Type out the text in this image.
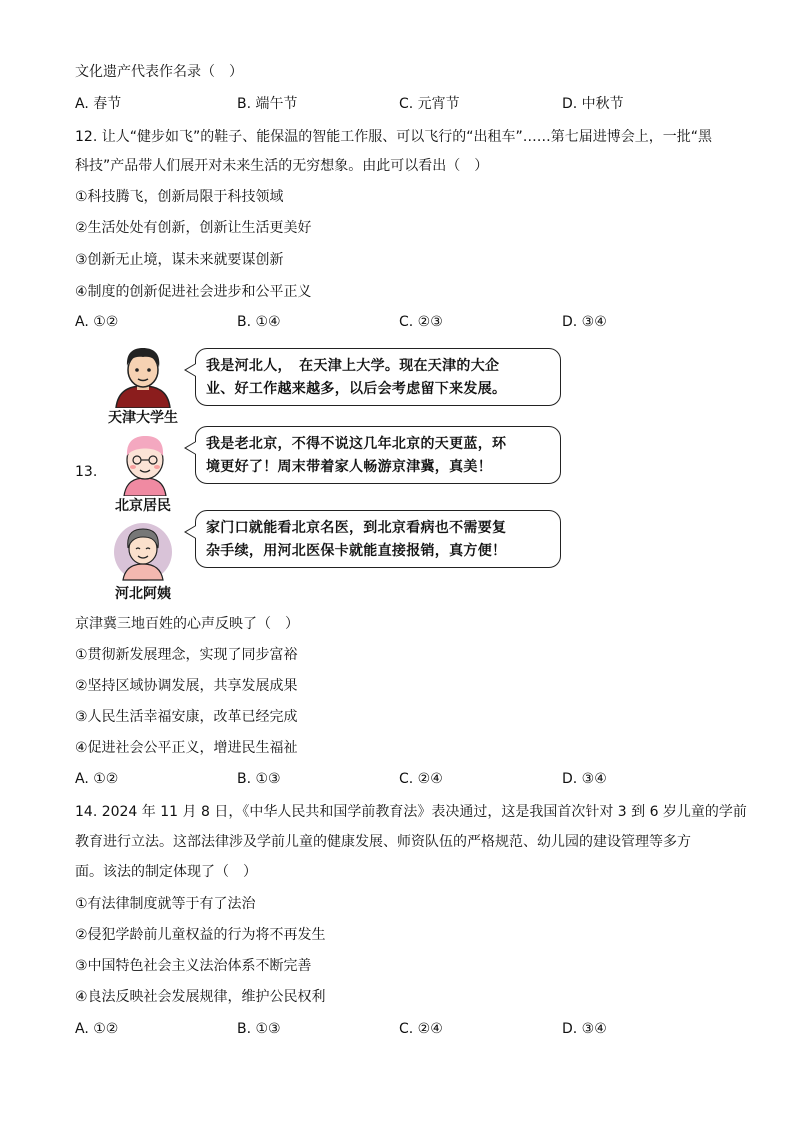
文化遗产代表作名录（　）
A. 春节	B. 端午节	C. 元宵节	D. 中秋节
12. 让人“健步如飞”的鞋子、能保温的智能工作服、可以飞行的“出租车”……第七届进博会上，一批“黑
科技”产品带人们展开对未来生活的无穷想象。由此可以看出（　）
①科技腾飞，创新局限于科技领域
②生活处处有创新，创新让生活更美好
③创新无止境，谋未来就要谋创新
④制度的创新促进社会进步和公平正义
A. ①②	B. ①④	C. ②③	D. ③④
13.
天津大学生
我是河北人，　在天津上大学。现在天津的大企
业、好工作越来越多，以后会考虑留下来发展。
北京居民
我是老北京，不得不说这几年北京的天更蓝，环
境更好了！周末带着家人畅游京津冀，真美！
河北阿姨
家门口就能看北京名医，到北京看病也不需要复
杂手续，用河北医保卡就能直接报销，真方便！
京津冀三地百姓的心声反映了（　）
①贯彻新发展理念，实现了同步富裕
②坚持区域协调发展，共享发展成果
③人民生活幸福安康，改革已经完成
④促进社会公平正义，增进民生福祉
A. ①②	B. ①③	C. ②④	D. ③④
14. 2024 年 11 月 8 日，《中华人民共和国学前教育法》表决通过，这是我国首次针对 3 到 6 岁儿童的学前
教育进行立法。这部法律涉及学前儿童的健康发展、师资队伍的严格规范、幼儿园的建设管理等多方
面。该法的制定体现了（　）
①有法律制度就等于有了法治
②侵犯学龄前儿童权益的行为将不再发生
③中国特色社会主义法治体系不断完善
④良法反映社会发展规律，维护公民权利
A. ①②	B. ①③	C. ②④	D. ③④
